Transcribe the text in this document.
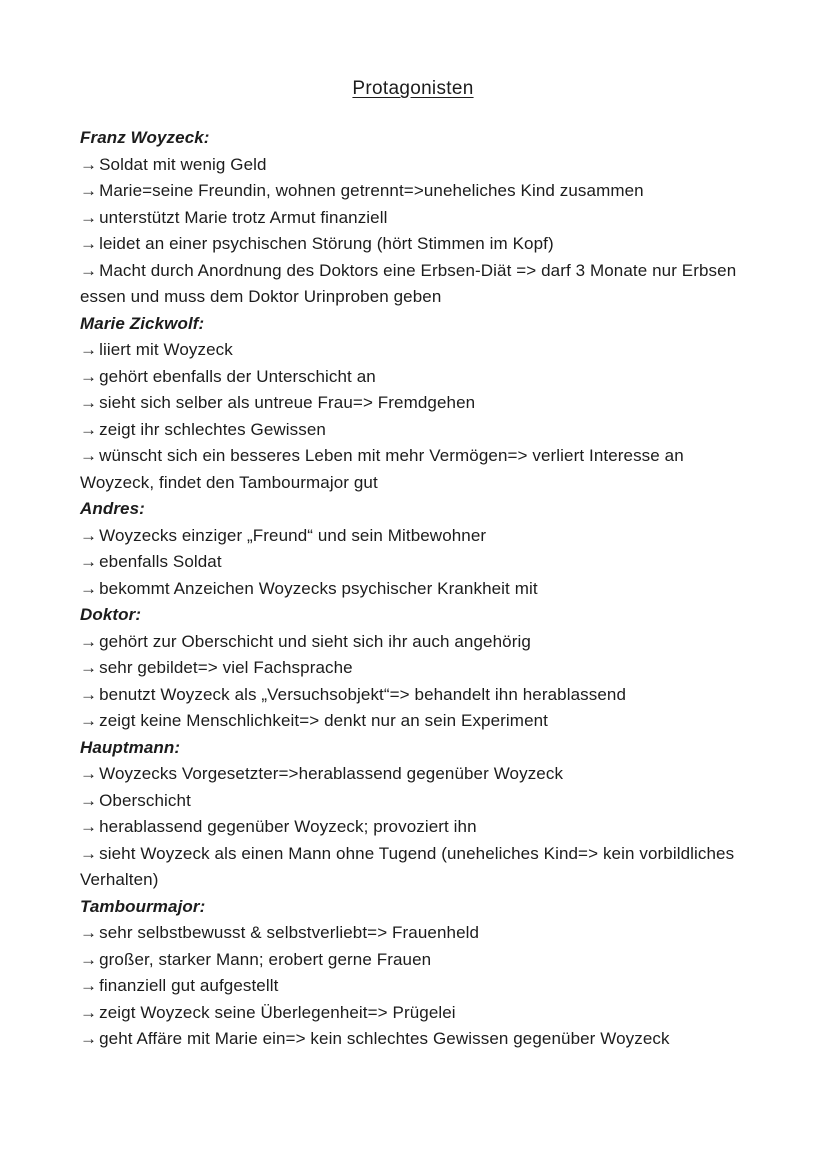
Protagonisten

Franz Woyzeck:

→ Soldat mit wenig Geld

→ Marie=seine Freundin, wohnen getrennt=>uneheliches Kind zusammen

→ unterstützt Marie trotz Armut finanziell

→ leidet an einer psychischen Störung (hört Stimmen im Kopf)

→ Macht durch Anordnung des Doktors eine Erbsen-Diät => darf 3 Monate nur Erbsen essen und muss dem Doktor Urinproben geben

Marie Zickwolf:

→ liiert mit Woyzeck

→ gehört ebenfalls der Unterschicht an

→ sieht sich selber als untreue Frau=> Fremdgehen

→ zeigt ihr schlechtes Gewissen

→ wünscht sich ein besseres Leben mit mehr Vermögen=> verliert Interesse an Woyzeck, findet den Tambourmajor gut

Andres:

→ Woyzecks einziger „Freund“ und sein Mitbewohner

→ ebenfalls Soldat

→ bekommt Anzeichen Woyzecks psychischer Krankheit mit

Doktor:

→ gehört zur Oberschicht und sieht sich ihr auch angehörig

→ sehr gebildet=> viel Fachsprache

→ benutzt Woyzeck als „Versuchsobjekt“=> behandelt ihn herablassend

→ zeigt keine Menschlichkeit=> denkt nur an sein Experiment

Hauptmann:

→ Woyzecks Vorgesetzter=>herablassend gegenüber Woyzeck

→ Oberschicht

→ herablassend gegenüber Woyzeck; provoziert ihn

→ sieht Woyzeck als einen Mann ohne Tugend (uneheliches Kind=> kein vorbildliches Verhalten)

Tambourmajor:

→ sehr selbstbewusst & selbstverliebt=> Frauenheld

→ großer, starker Mann; erobert gerne Frauen

→ finanziell gut aufgestellt

→ zeigt Woyzeck seine Überlegenheit=> Prügelei

→ geht Affäre mit Marie ein=> kein schlechtes Gewissen gegenüber Woyzeck
